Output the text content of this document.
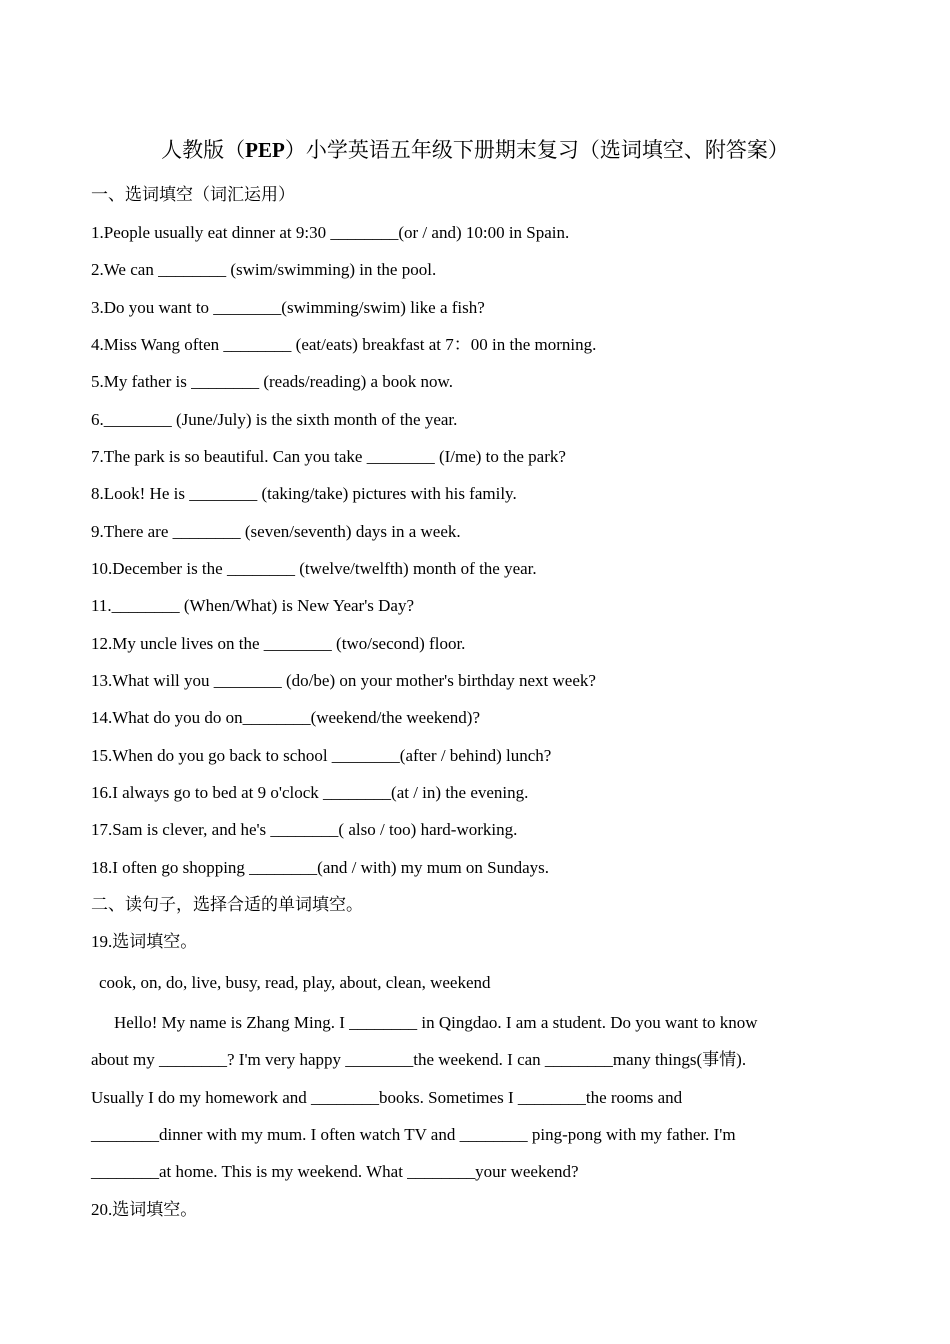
人教版（PEP）小学英语五年级下册期末复习（选词填空、附答案）
一、选词填空（词汇运用）
1.People usually eat dinner at 9:30 ________(or / and) 10:00 in Spain.
2.We can ________ (swim/swimming) in the pool.
3.Do you want to ________(swimming/swim) like a fish?
4.Miss Wang often ________ (eat/eats) breakfast at 7：00 in the morning.
5.My father is ________ (reads/reading) a book now.
6.________ (June/July) is the sixth month of the year.
7.The park is so beautiful. Can you take ________ (I/me) to the park?
8.Look! He is ________ (taking/take) pictures with his family.
9.There are ________ (seven/seventh) days in a week.
10.December is the ________ (twelve/twelfth) month of the year.
11.________ (When/What) is New Year's Day?
12.My uncle lives on the ________ (two/second) floor.
13.What will you ________ (do/be) on your mother's birthday next week?
14.What do you do on________(weekend/the weekend)?
15.When do you go back to school ________(after / behind) lunch?
16.I always go to bed at 9 o'clock ________(at / in) the evening.
17.Sam is clever, and he's ________( also / too) hard-working.
18.I often go shopping ________(and / with) my mum on Sundays.
二、读句子，选择合适的单词填空。
19.选词填空。
cook, on, do, live, busy, read, play, about, clean, weekend
Hello! My name is Zhang Ming. I ________ in Qingdao. I am a student. Do you want to know
about my ________? I'm very happy ________the weekend. I can ________many things(事情).
Usually I do my homework and ________books. Sometimes I ________the rooms and
________dinner with my mum. I often watch TV and ________ ping-pong with my father. I'm
________at home. This is my weekend. What ________your weekend?
20.选词填空。
